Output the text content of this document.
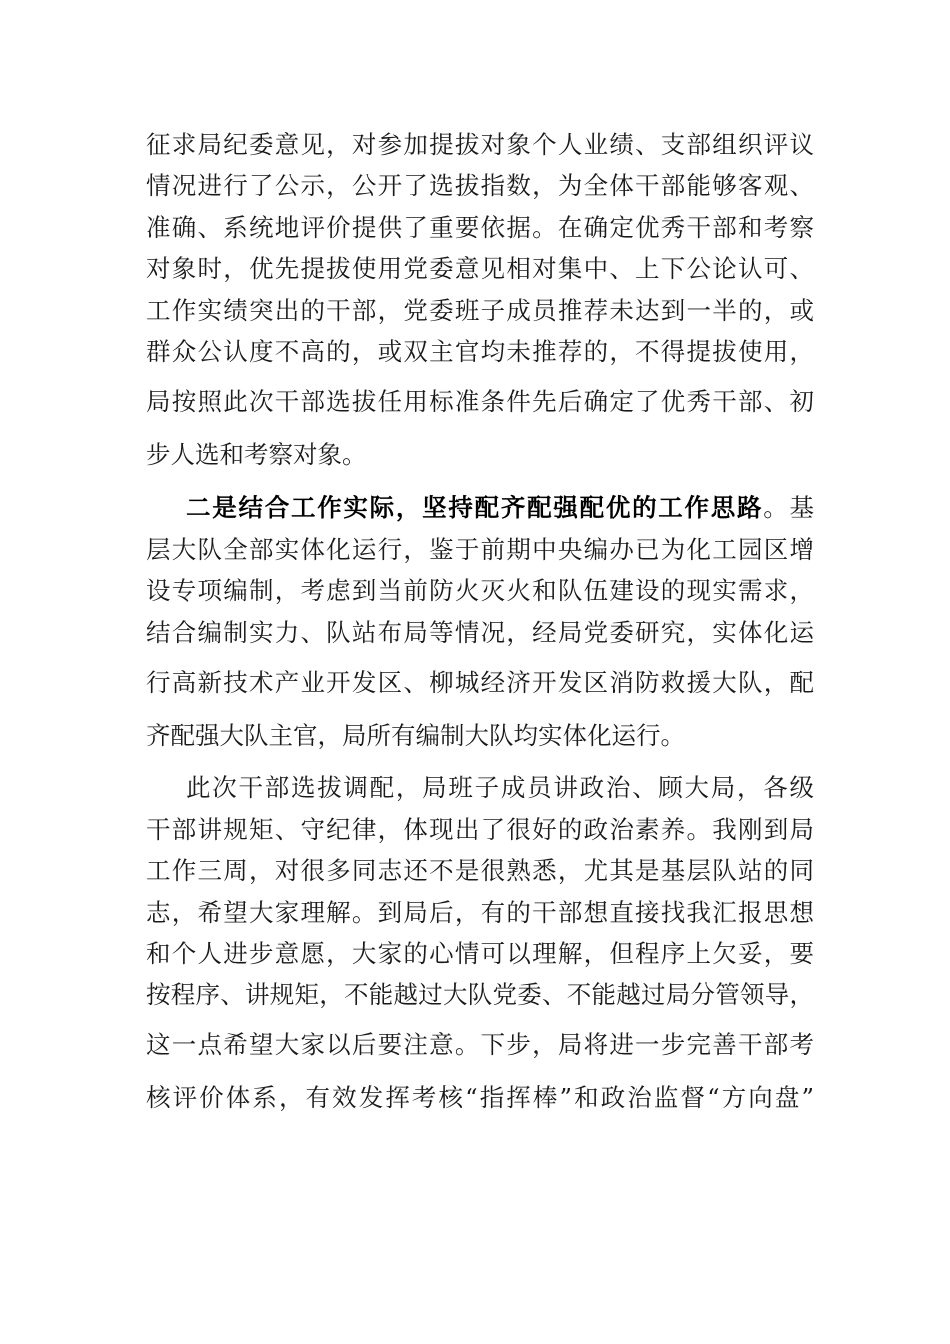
征求局纪委意见，对参加提拔对象个人业绩、支部组织评议
情况进行了公示，公开了选拔指数，为全体干部能够客观、
准确、系统地评价提供了重要依据。在确定优秀干部和考察
对象时，优先提拔使用党委意见相对集中、上下公论认可、
工作实绩突出的干部，党委班子成员推荐未达到一半的，或
群众公认度不高的，或双主官均未推荐的，不得提拔使用，
局按照此次干部选拔任用标准条件先后确定了优秀干部、初
步人选和考察对象。
二是结合工作实际，坚持配齐配强配优的工作思路。基
层大队全部实体化运行，鉴于前期中央编办已为化工园区增
设专项编制，考虑到当前防火灭火和队伍建设的现实需求，
结合编制实力、队站布局等情况，经局党委研究，实体化运
行高新技术产业开发区、柳城经济开发区消防救援大队，配
齐配强大队主官，局所有编制大队均实体化运行。
此次干部选拔调配，局班子成员讲政治、顾大局，各级
干部讲规矩、守纪律，体现出了很好的政治素养。我刚到局
工作三周，对很多同志还不是很熟悉，尤其是基层队站的同
志，希望大家理解。到局后，有的干部想直接找我汇报思想
和个人进步意愿，大家的心情可以理解，但程序上欠妥，要
按程序、讲规矩，不能越过大队党委、不能越过局分管领导，
这一点希望大家以后要注意。下步，局将进一步完善干部考
核评价体系，有效发挥考核“指挥棒”和政治监督“方向盘”
